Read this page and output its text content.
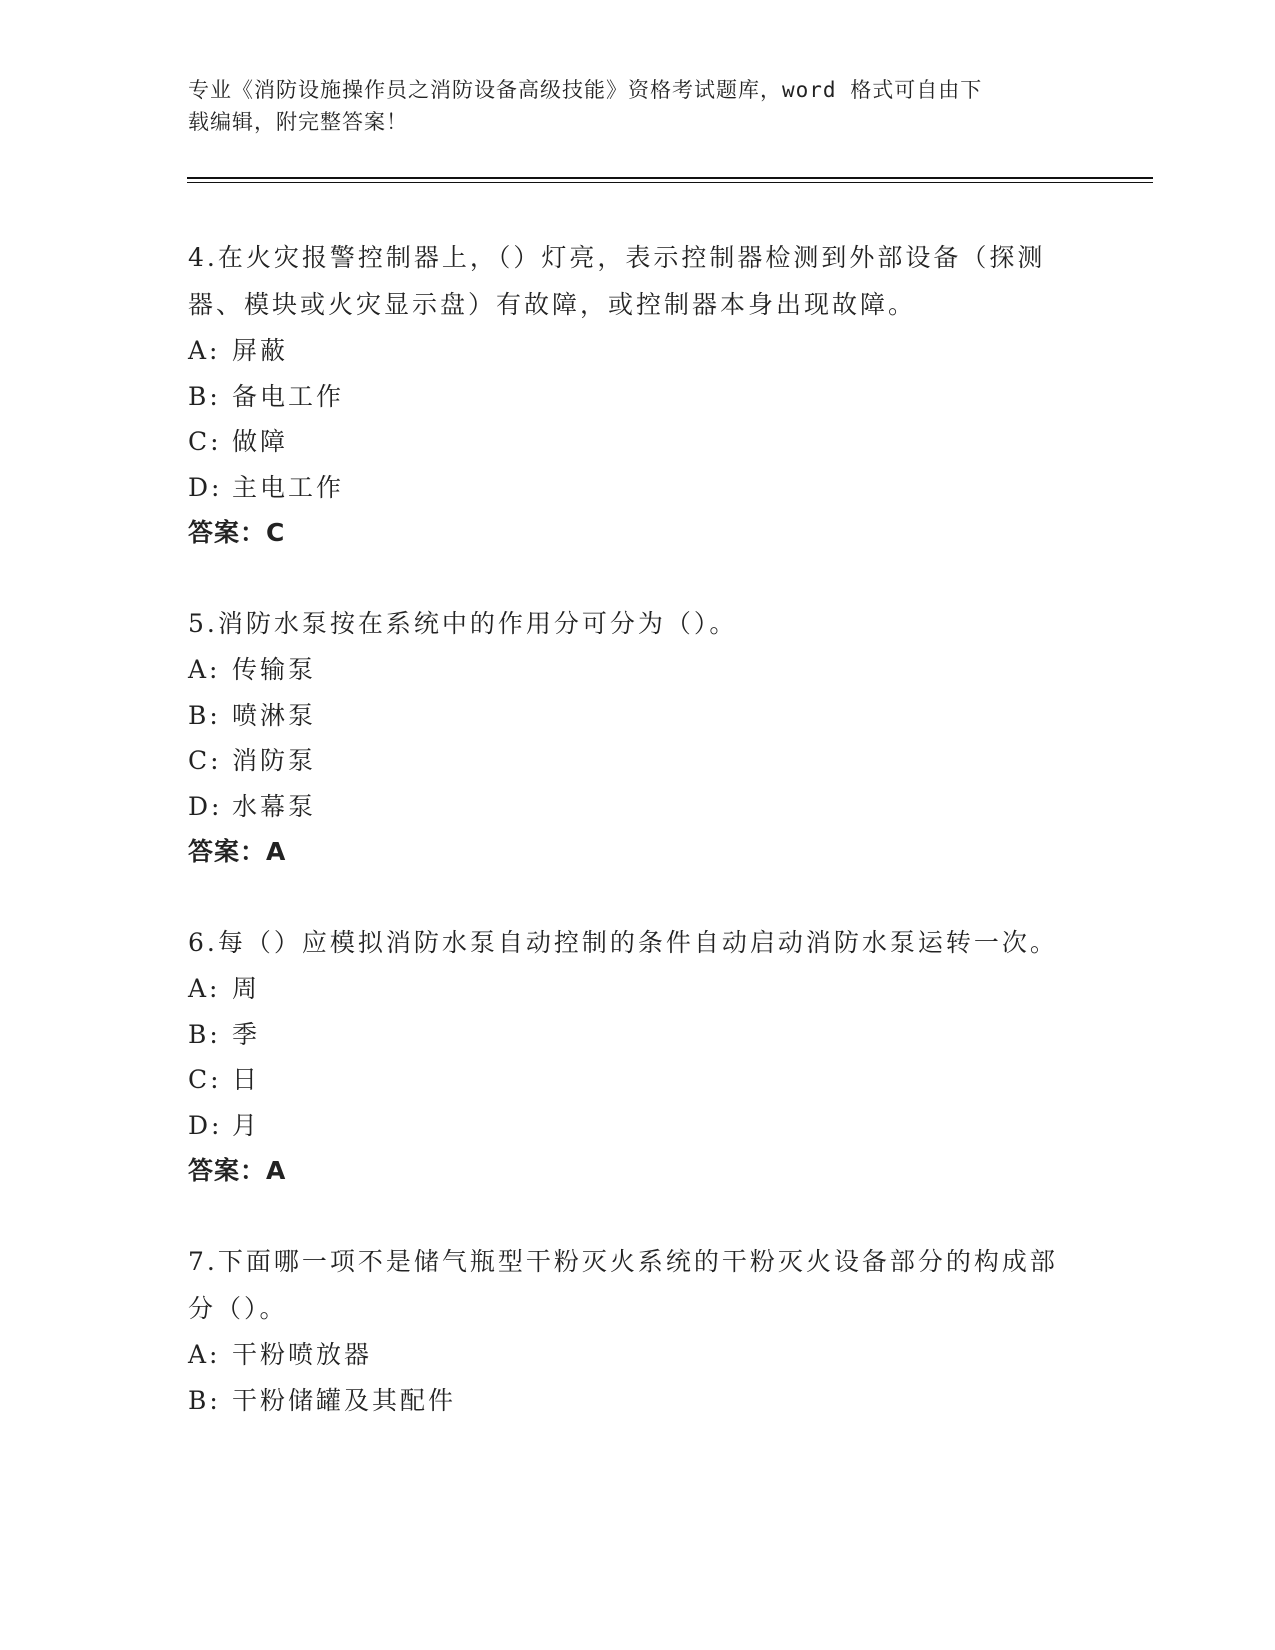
专业《消防设施操作员之消防设备高级技能》资格考试题库，word 格式可自由下
载编辑，附完整答案！

4.在火灾报警控制器上，（）灯亮，表示控制器检测到外部设备（探测器、模块或火灾显示盘）有故障，或控制器本身出现故障。

A: 屏蔽
B: 备电工作
C: 做障
D: 主电工作

答案：C

5.消防水泵按在系统中的作用分可分为（）。

A: 传输泵
B: 喷淋泵
C: 消防泵
D: 水幕泵

答案：A

6.每（）应模拟消防水泵自动控制的条件自动启动消防水泵运转一次。

A: 周
B: 季
C: 日
D: 月

答案：A

7.下面哪一项不是储气瓶型干粉灭火系统的干粉灭火设备部分的构成部分（）。

A: 干粉喷放器
B: 干粉储罐及其配件
